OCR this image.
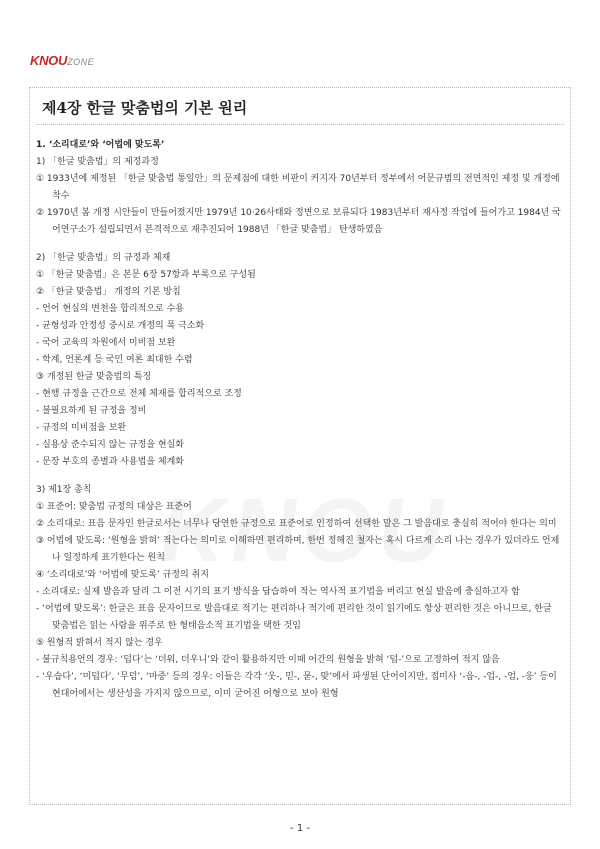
KNOUZONE
제4장 한글 맞춤법의 기본 원리
1. ‘소리대로’와 ‘어법에 맞도록’
1) 「한글 맞춤법」의 제정과정
① 1933년에 제정된 「한글 맞춤법 통일안」의 문제점에 대한 비판이 커지자 70년부터 정부에서 어문규범의 전면적인 제정 및 개정에 착수
② 1970년 봄 개정 시안들이 만들어졌지만 1979년 10·26사태와 정변으로 보류되다 1983년부터 재사정 작업에 들어가고 1984년 국어연구소가 설립되면서 본격적으로 재추진되어 1988년 「한글 맞춤법」 탄생하였음
2) 「한글 맞춤법」의 규정과 체재
① 「한글 맞춤법」은 본문 6장 57항과 부록으로 구성됨
② 「한글 맞춤법」 개정의 기본 방침
- 언어 현실의 변천을 합리적으로 수용
- 균형성과 안정성 중시로 개정의 폭 극소화
- 국어 교육의 차원에서 미비점 보완
- 학계, 언론계 등 국민 여론 최대한 수렴
③ 개정된 한글 맞춤법의 특징
- 현행 규정을 근간으로 전체 체재를 합리적으로 조정
- 불필요하게 된 규정을 정비
- 규정의 미비점을 보완
- 실용상 준수되지 않는 규정을 현실화
- 문장 부호의 종별과 사용법을 체계화
3) 제1장 총칙
① 표준어: 맞춤법 규정의 대상은 표준어
② 소리대로: 표음 문자인 한글로서는 너무나 당연한 규정으로 표준어로 인정하여 선택한 말은 그 발음대로 충실히 적어야 한다는 의미
③ 어법에 맞도록: ‘원형을 밝혀’ 적는다는 의미로 이해하면 편리하며, 한번 정해진 철자는 혹시 다르게 소리 나는 경우가 있더라도 언제나 일정하게 표기한다는 원칙
④ ‘소리대로’와 ‘어법에 맞도록’ 규정의 취지
- 소리대로: 실제 발음과 달리 그 이전 시기의 표기 방식을 답습하여 적는 역사적 표기법을 버리고 현실 발음에 충실하고자 함
- ‘어법에 맞도록’: 한글은 표음 문자이므로 발음대로 적기는 편리하나 적기에 편리한 것이 읽기에도 항상 편리한 것은 아니므로, 한글 맞춤법은 읽는 사람을 위주로 한 형태음소적 표기법을 택한 것임
⑤ 원형적 밝혀서 적지 않는 경우
- 불규칙용언의 경우: ‘덥다’는 ‘더워, 더우니’와 같이 활용하지만 이때 어간의 원형을 밝혀 ‘덥-’으로 고정하여 적지 않음
- ‘우습다’, ‘미덥다’, ‘무덤’, ‘마중’ 등의 경우: 이들은 각각 ‘웃-, 믿-, 묻-, 맞’에서 파생된 단어이지만, 접미사 ‘-읍-, -업-, -엄, -웅’ 등이 현대어에서는 생산성을 가지지 않으므로, 이미 굳어진 어형으로 보아 원형
- 1 -
